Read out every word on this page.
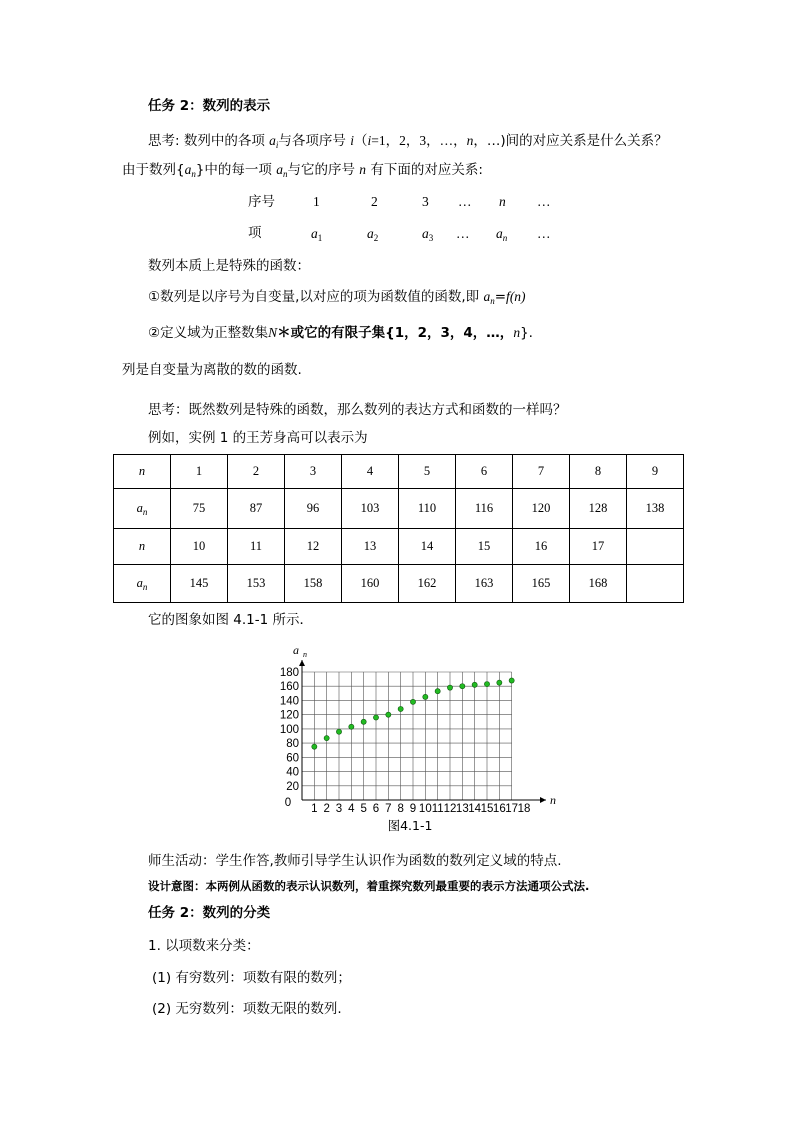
任务 2：数列的表示
思考: 数列中的各项 $a_i$与各项序号 i（i=1，2，3，…，n，…)间的对应关系是什么关系？
由于数列$\{a_n\}$中的每一项 $a_n$与它的序号 n 有下面的对应关系:
序号	1	2	3 … n …
项	$a_1$	$a_2$	$a_3$ … $a_n$ …
数列本质上是特殊的函数：
①数列是以序号为自变量,以对应的项为函数值的函数,即 $a_n=f(n)$
②定义域为正整数集N＊或它的有限子集{1，2，3，4，…，n}.
列是自变量为离散的数的函数.
思考：既然数列是特殊的函数，那么数列的表达方式和函数的一样吗？
例如，实例 1 的王芳身高可以表示为
n	1	2	3	4	5	6	7	8	9
$a_n$	75	87	96	103	110	116	120	128	138
n	10	11	12	13	14	15	16	17	
$a_n$	145	153	158	160	162	163	165	168	
它的图象如图 4.1-1 所示．
20
40
60
80
100
120
140
160
180
0 1 2 3 4 5 6 7 8 9 10 11 12 13 14 15 16 17 18
a n
n
图4.1-1
师生活动：学生作答,教师引导学生认识作为函数的数列定义域的特点.
设计意图：本两例从函数的表示认识数列，着重探究数列最重要的表示方法通项公式法.
任务 2：数列的分类
1. 以项数来分类：
(1) 有穷数列：项数有限的数列；
(2) 无穷数列：项数无限的数列.
